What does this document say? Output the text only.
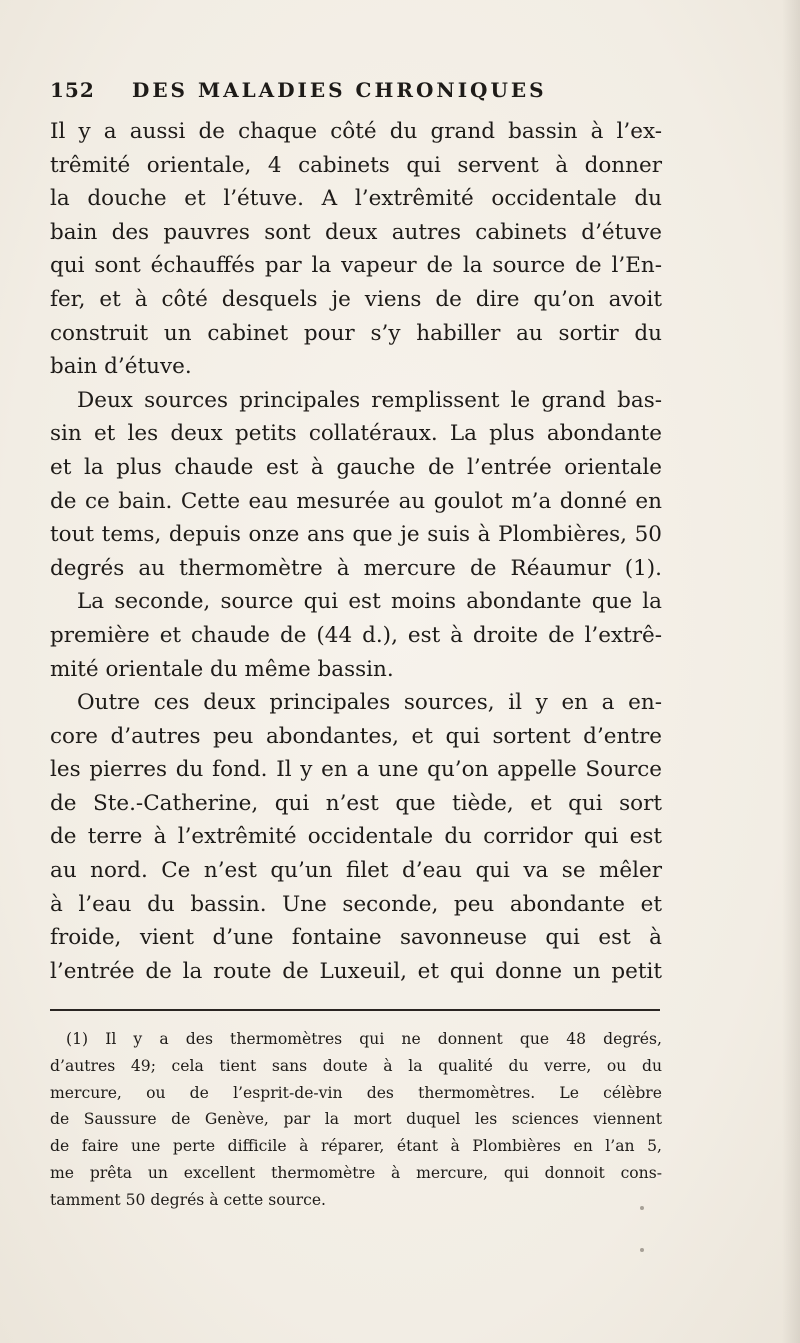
152 DES MALADIES CHRONIQUES
Il y a aussi de chaque côté du grand bassin à l’ex-
trêmité orientale, 4 cabinets qui servent à donner
la douche et l’étuve. A l’extrêmité occidentale du
bain des pauvres sont deux autres cabinets d’étuve
qui sont échauffés par la vapeur de la source de l’En-
fer, et à côté desquels je viens de dire qu’on avoit
construit un cabinet pour s’y habiller au sortir du
bain d’étuve.
Deux sources principales remplissent le grand bas-
sin et les deux petits collatéraux. La plus abondante
et la plus chaude est à gauche de l’entrée orientale
de ce bain. Cette eau mesurée au goulot m’a donné en
tout tems, depuis onze ans que je suis à Plombières, 50
degrés au thermomètre à mercure de Réaumur (1).
La seconde, source qui est moins abondante que la
première et chaude de (44 d.), est à droite de l’extrê-
mité orientale du même bassin.
Outre ces deux principales sources, il y en a en-
core d’autres peu abondantes, et qui sortent d’entre
les pierres du fond. Il y en a une qu’on appelle Source
de Ste.-Catherine, qui n’est que tiède, et qui sort
de terre à l’extrêmité occidentale du corridor qui est
au nord. Ce n’est qu’un filet d’eau qui va se mêler
à l’eau du bassin. Une seconde, peu abondante et
froide, vient d’une fontaine savonneuse qui est à
l’entrée de la route de Luxeuil, et qui donne un petit
(1) Il y a des thermomètres qui ne donnent que 48 degrés,
d’autres 49; cela tient sans doute à la qualité du verre, ou du
mercure, ou de l’esprit-de-vin des thermomètres. Le célèbre
de Saussure de Genève, par la mort duquel les sciences viennent
de faire une perte difficile à réparer, étant à Plombières en l’an 5,
me prêta un excellent thermomètre à mercure, qui donnoit cons-
tamment 50 degrés à cette source.
